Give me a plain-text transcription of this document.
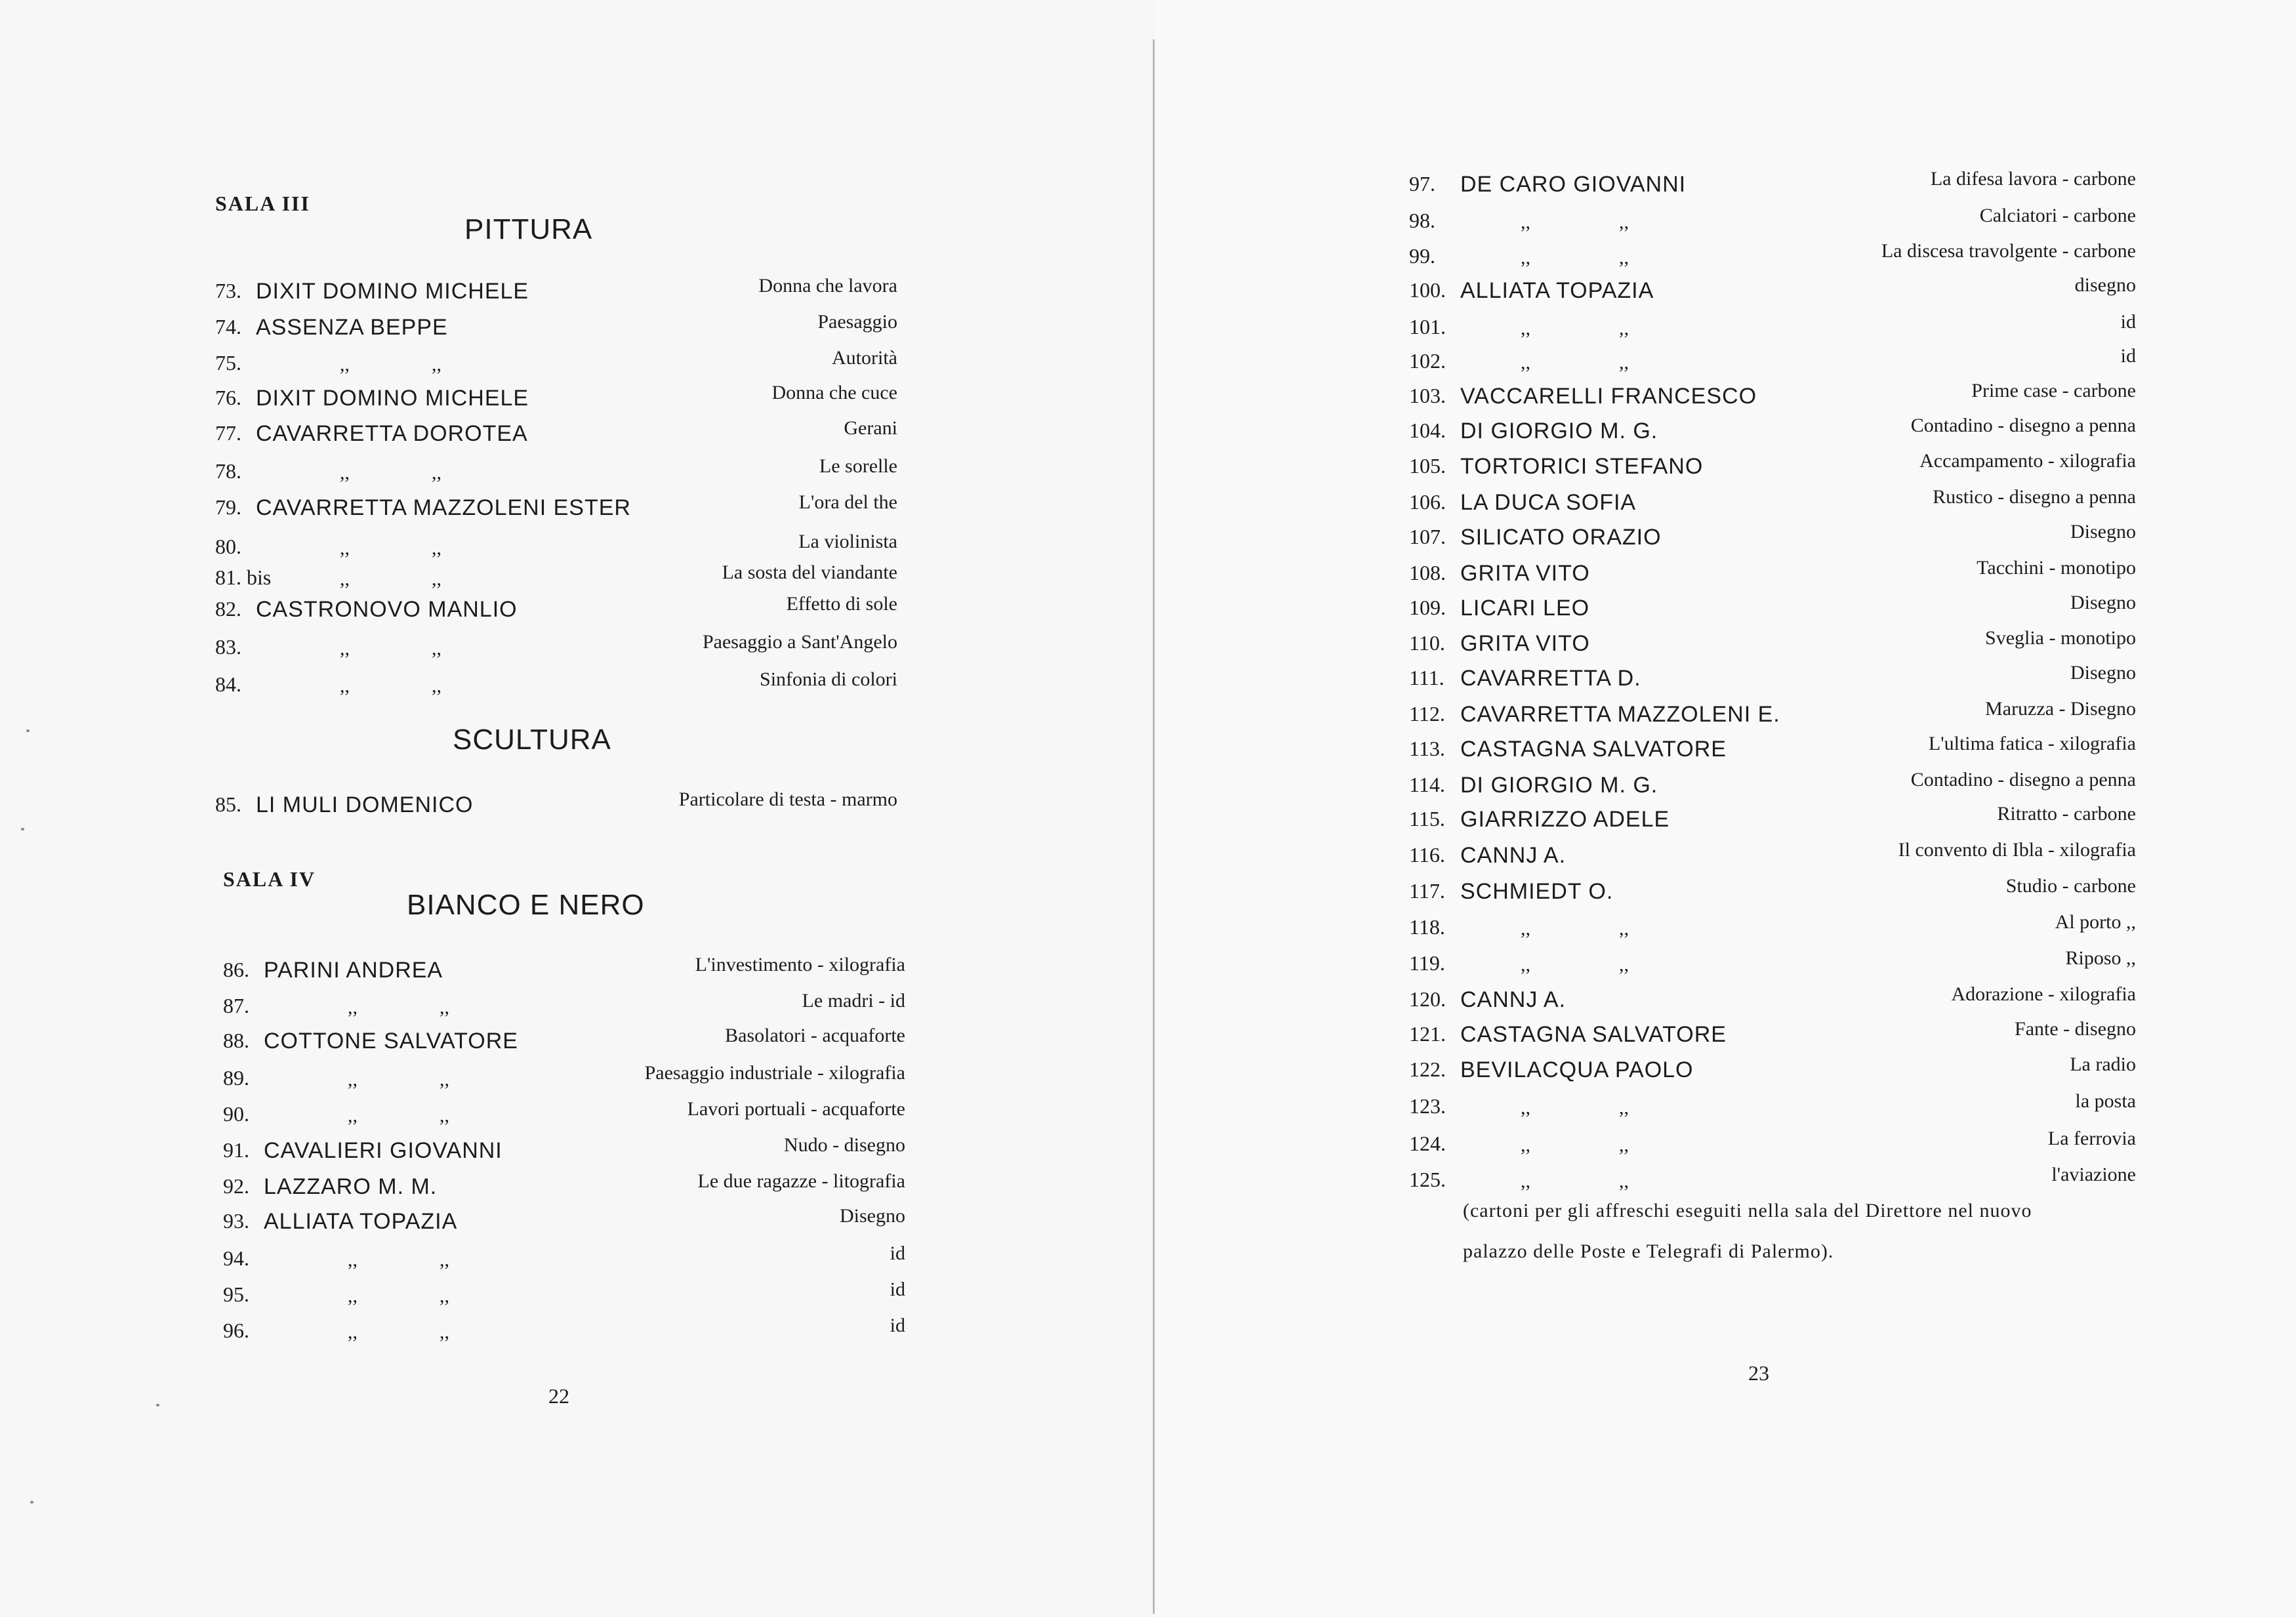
SALA III
PITTURA
73. DIXIT DOMINO MICHELE	Donna che lavora
74. ASSENZA BEPPE	Paesaggio
75.	,,	,,	Autorità
76. DIXIT DOMINO MICHELE	Donna che cuce
77. CAVARRETTA DOROTEA	Gerani
78.	,,	,,	Le sorelle
79. CAVARRETTA MAZZOLENI ESTER	L'ora del the
80.	,,	,,	La violinista
81. bis	,,	,,	La sosta del viandante
82. CASTRONOVO MANLIO	Effetto di sole
83.	,,	,,	Paesaggio a Sant'Angelo
84.	,,	,,	Sinfonia di colori
SCULTURA
85. LI MULI DOMENICO	Particolare di testa - marmo
SALA IV
BIANCO E NERO
86. PARINI ANDREA	L'investimento - xilografia
87.	,,	,,	Le madri - id
88. COTTONE SALVATORE	Basolatori - acquaforte
89.	,,	,,	Paesaggio industriale - xilografia
90.	,,	,,	Lavori portuali - acquaforte
91. CAVALIERI GIOVANNI	Nudo - disegno
92. LAZZARO M. M.	Le due ragazze - litografia
93. ALLIATA TOPAZIA	Disegno
94.	,,	,,	id
95.	,,	,,	id
96.	,,	,,	id
22
97. DE CARO GIOVANNI	La difesa lavora - carbone
98.	,,	,,	Calciatori - carbone
99.	,,	,,	La discesa travolgente - carbone
100. ALLIATA TOPAZIA	disegno
101.	,,	,,	id
102.	,,	,,	id
103. VACCARELLI FRANCESCO	Prime case - carbone
104. DI GIORGIO M. G.	Contadino - disegno a penna
105. TORTORICI STEFANO	Accampamento - xilografia
106. LA DUCA SOFIA	Rustico - disegno a penna
107. SILICATO ORAZIO	Disegno
108. GRITA VITO	Tacchini - monotipo
109. LICARI LEO	Disegno
110. GRITA VITO	Sveglia - monotipo
111. CAVARRETTA D.	Disegno
112. CAVARRETTA MAZZOLENI E.	Maruzza - Disegno
113. CASTAGNA SALVATORE	L'ultima fatica - xilografia
114. DI GIORGIO M. G.	Contadino - disegno a penna
115. GIARRIZZO ADELE	Ritratto - carbone
116. CANNJ A.	Il convento di Ibla - xilografia
117. SCHMIEDT O.	Studio - carbone
118.	,,	,,	Al porto ,,
119.	,,	,,	Riposo ,,
120. CANNJ A.	Adorazione - xilografia
121. CASTAGNA SALVATORE	Fante - disegno
122. BEVILACQUA PAOLO	La radio
123.	,,	,,	la posta
124.	,,	,,	La ferrovia
125.	,,	,,	l'aviazione
(cartoni per gli affreschi eseguiti nella sala del Direttore nel nuovo
palazzo delle Poste e Telegrafi di Palermo).
23
